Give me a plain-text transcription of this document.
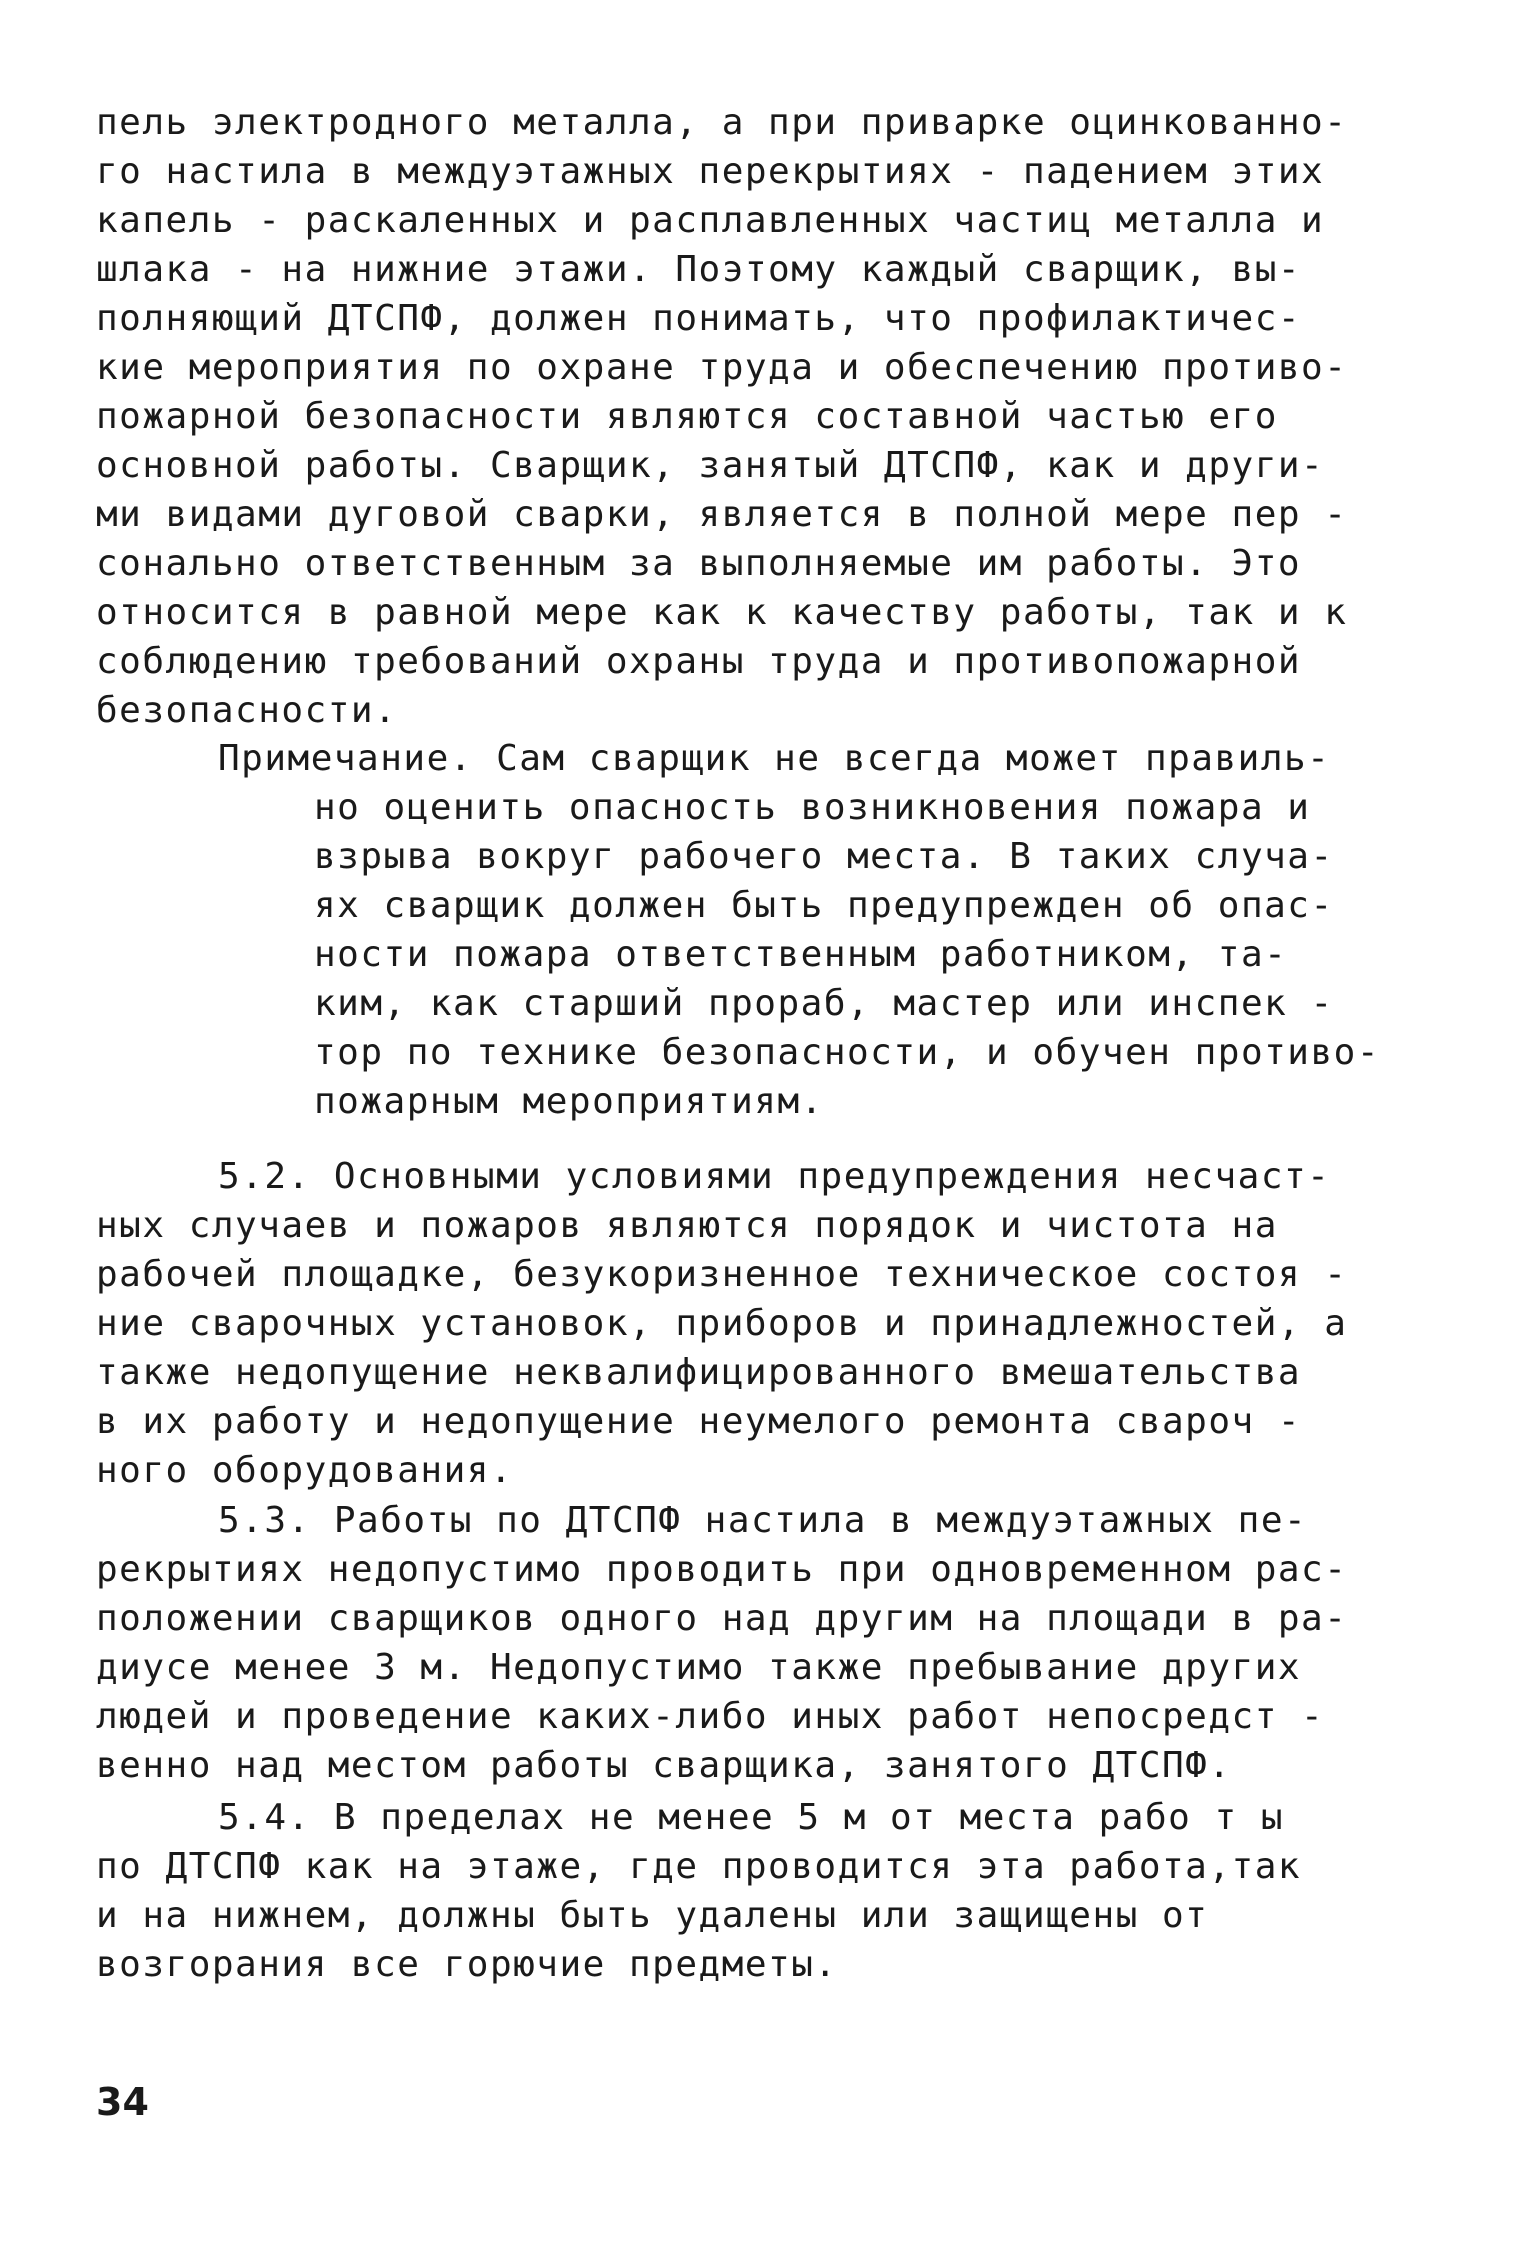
пель электродного металла, а при приварке оцинкованно-
го настила в междуэтажных перекрытиях - падением этих
капель - раскаленных и расплавленных частиц металла и
шлака - на нижние этажи. Поэтому каждый сварщик, вы-
полняющий ДТСПФ, должен понимать, что профилактичес-
кие мероприятия по охране труда и обеспечению противо-
пожарной безопасности являются составной частью его
основной работы. Сварщик, занятый ДТСПФ, как и други-
ми видами дуговой сварки, является в полной мере пер -
сонально ответственным за выполняемые им работы. Это
относится в равной мере как к качеству работы, так и к
соблюдению требований охраны труда и противопожарной
безопасности.
Примечание. Сам сварщик не всегда может правиль-
но оценить опасность возникновения пожара и
взрыва вокруг рабочего места. В таких случа-
ях сварщик должен быть предупрежден об опас-
ности пожара ответственным работником, та-
ким, как старший прораб, мастер или инспек -
тор по технике безопасности, и обучен противо-
пожарным мероприятиям.
5.2. Основными условиями предупреждения несчаст-
ных случаев и пожаров являются порядок и чистота на
рабочей площадке, безукоризненное техническое состоя -
ние сварочных установок, приборов и принадлежностей, а
также недопущение неквалифицированного вмешательства
в их работу и недопущение неумелого ремонта свароч -
ного оборудования.
5.3. Работы по ДТСПФ настила в междуэтажных пе-
рекрытиях недопустимо проводить при одновременном рас-
положении сварщиков одного над другим на площади в ра-
диусе менее 3 м. Недопустимо также пребывание других
людей и проведение каких-либо иных работ непосредст -
венно над местом работы сварщика, занятого ДТСПФ.
5.4. В пределах не менее 5 м от места рабо т ы
по ДТСПФ как на этаже, где проводится эта работа,так
и на нижнем, должны быть удалены или защищены от
возгорания все горючие предметы.
34
